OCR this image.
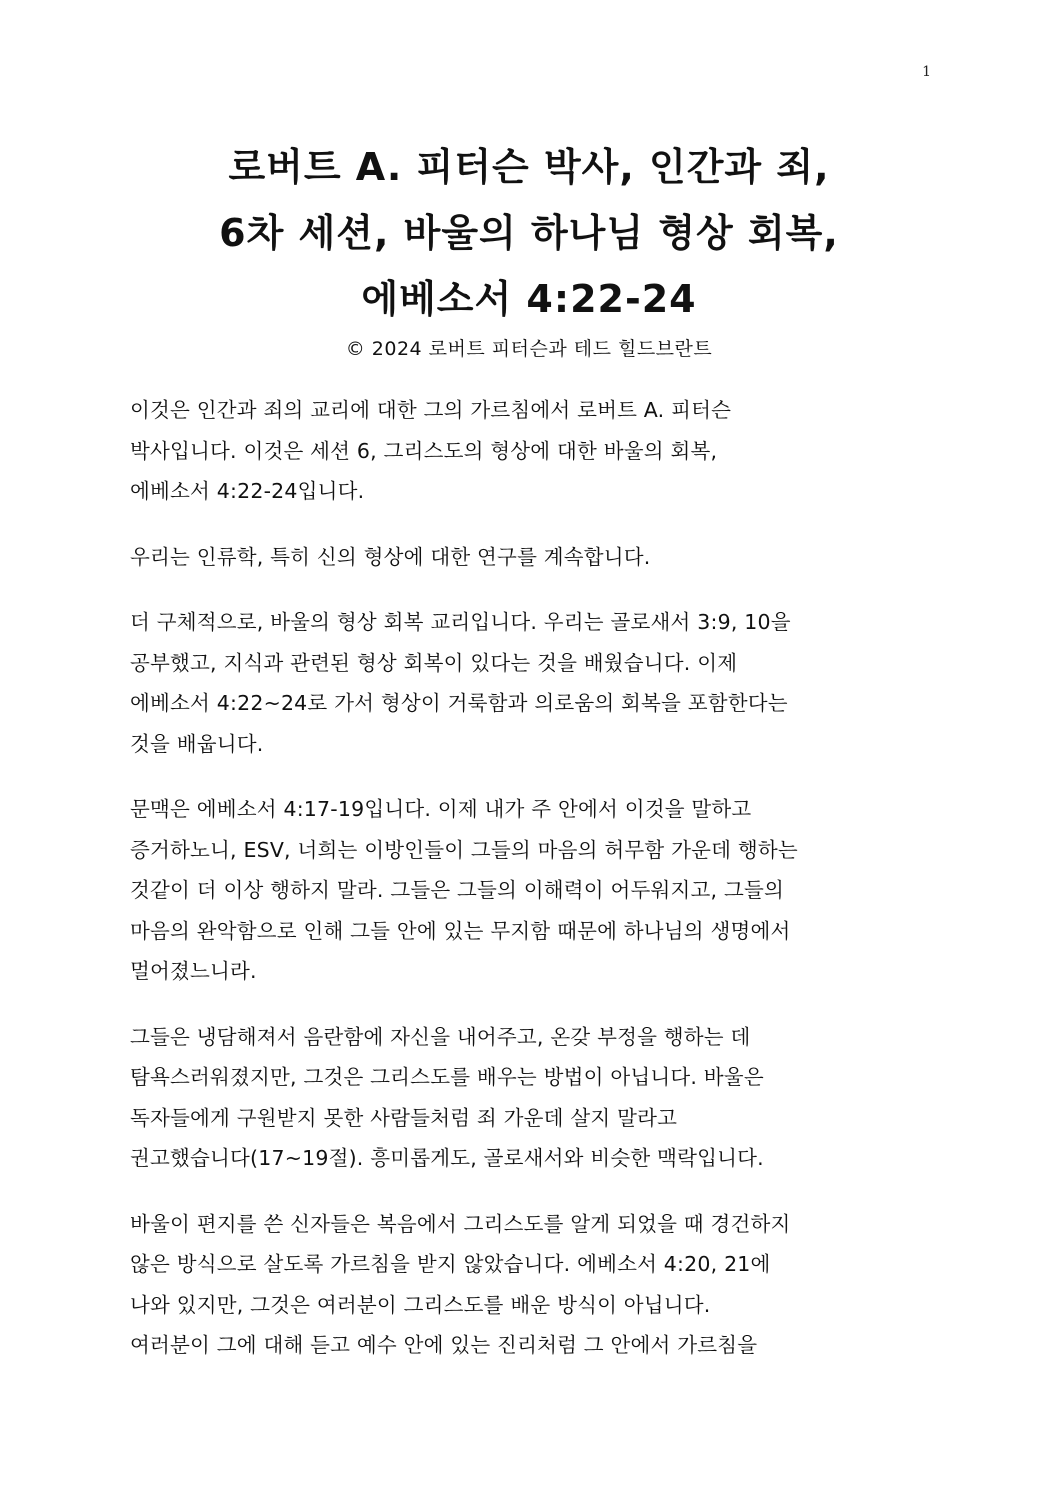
1
로버트 A. 피터슨 박사, 인간과 죄,
6차 세션, 바울의 하나님 형상 회복,
에베소서 4:22-24
© 2024 로버트 피터슨과 테드 힐드브란트

이것은 인간과 죄의 교리에 대한 그의 가르침에서 로버트 A. 피터슨
박사입니다. 이것은 세션 6, 그리스도의 형상에 대한 바울의 회복,
에베소서 4:22-24입니다.

우리는 인류학, 특히 신의 형상에 대한 연구를 계속합니다.

더 구체적으로, 바울의 형상 회복 교리입니다. 우리는 골로새서 3:9, 10을
공부했고, 지식과 관련된 형상 회복이 있다는 것을 배웠습니다. 이제
에베소서 4:22~24로 가서 형상이 거룩함과 의로움의 회복을 포함한다는
것을 배웁니다.

문맥은 에베소서 4:17-19입니다. 이제 내가 주 안에서 이것을 말하고
증거하노니, ESV, 너희는 이방인들이 그들의 마음의 허무함 가운데 행하는
것같이 더 이상 행하지 말라. 그들은 그들의 이해력이 어두워지고, 그들의
마음의 완악함으로 인해 그들 안에 있는 무지함 때문에 하나님의 생명에서
멀어졌느니라.

그들은 냉담해져서 음란함에 자신을 내어주고, 온갖 부정을 행하는 데
탐욕스러워졌지만, 그것은 그리스도를 배우는 방법이 아닙니다. 바울은
독자들에게 구원받지 못한 사람들처럼 죄 가운데 살지 말라고
권고했습니다(17~19절). 흥미롭게도, 골로새서와 비슷한 맥락입니다.

바울이 편지를 쓴 신자들은 복음에서 그리스도를 알게 되었을 때 경건하지
않은 방식으로 살도록 가르침을 받지 않았습니다. 에베소서 4:20, 21에
나와 있지만, 그것은 여러분이 그리스도를 배운 방식이 아닙니다.
여러분이 그에 대해 듣고 예수 안에 있는 진리처럼 그 안에서 가르침을
